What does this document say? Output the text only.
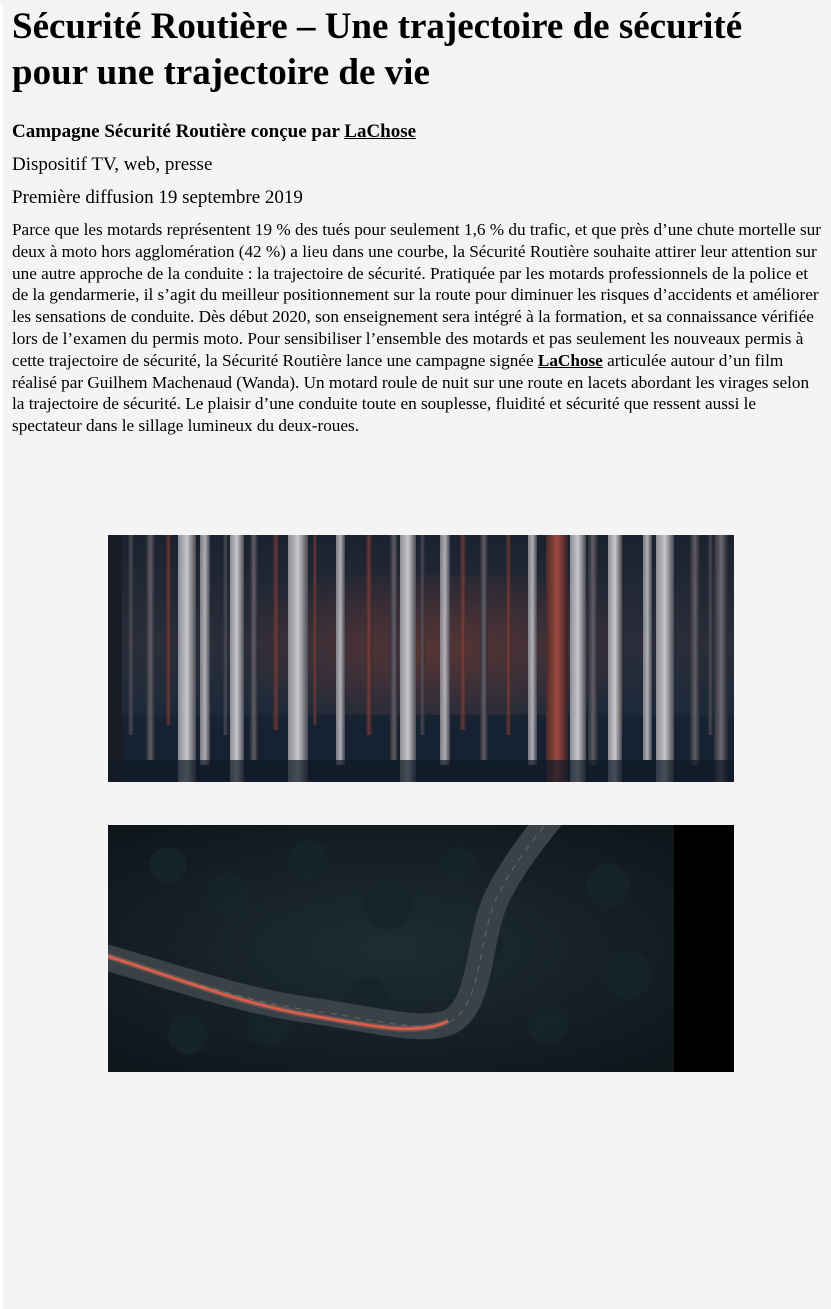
Sécurité Routière – Une trajectoire de sécurité pour une trajectoire de vie

Campagne Sécurité Routière conçue par LaChose

Dispositif TV, web, presse

Première diffusion 19 septembre 2019

Parce que les motards représentent 19 % des tués pour seulement 1,6 % du trafic, et que près d’une chute mortelle sur deux à moto hors agglomération (42 %) a lieu dans une courbe, la Sécurité Routière souhaite attirer leur attention sur une autre approche de la conduite : la trajectoire de sécurité. Pratiquée par les motards professionnels de la police et de la gendarmerie, il s’agit du meilleur positionnement sur la route pour diminuer les risques d’accidents et améliorer les sensations de conduite. Dès début 2020, son enseignement sera intégré à la formation, et sa connaissance vérifiée lors de l’examen du permis moto. Pour sensibiliser l’ensemble des motards et pas seulement les nouveaux permis à cette trajectoire de sécurité, la Sécurité Routière lance une campagne signée LaChose articulée autour d’un film réalisé par Guilhem Machenaud (Wanda). Un motard roule de nuit sur une route en lacets abordant les virages selon la trajectoire de sécurité. Le plaisir d’une conduite toute en souplesse, fluidité et sécurité que ressent aussi le spectateur dans le sillage lumineux du deux-roues.
